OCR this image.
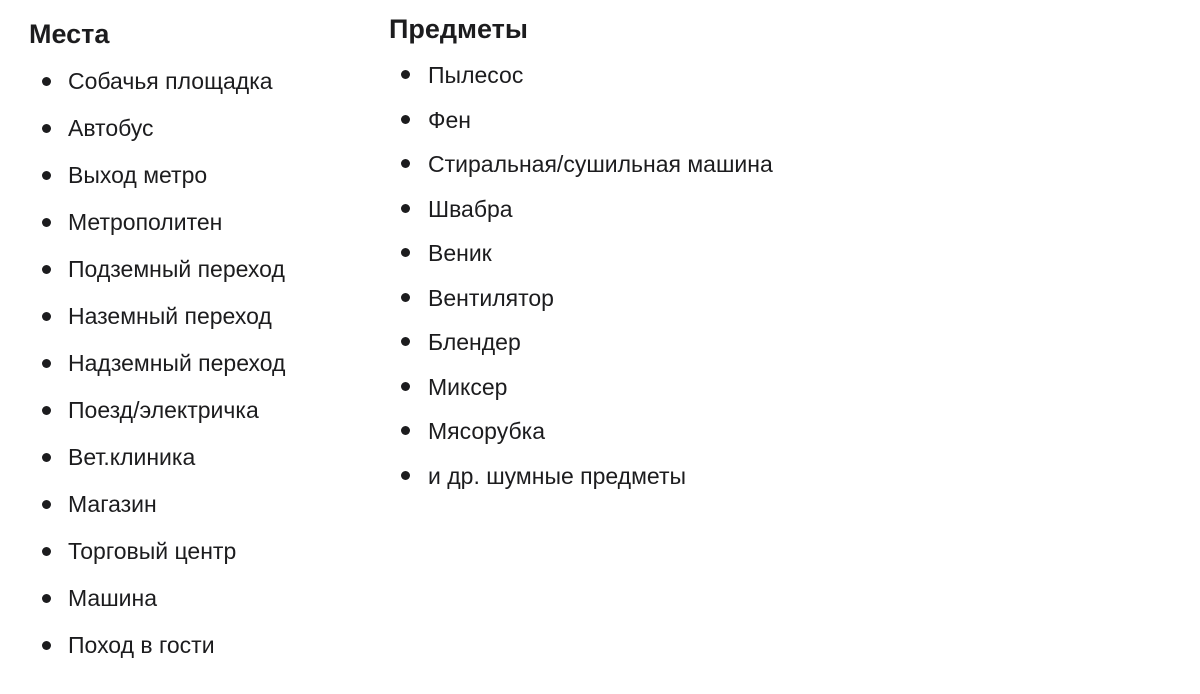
Места
Собачья площадка
Автобус
Выход метро
Метрополитен
Подземный переход
Наземный переход
Надземный переход
Поезд/электричка
Вет.клиника
Магазин
Торговый центр
Машина
Поход в гости
Предметы
Пылесос
Фен
Стиральная/сушильная машина
Швабра
Веник
Вентилятор
Блендер
Миксер
Мясорубка
и др. шумные предметы
